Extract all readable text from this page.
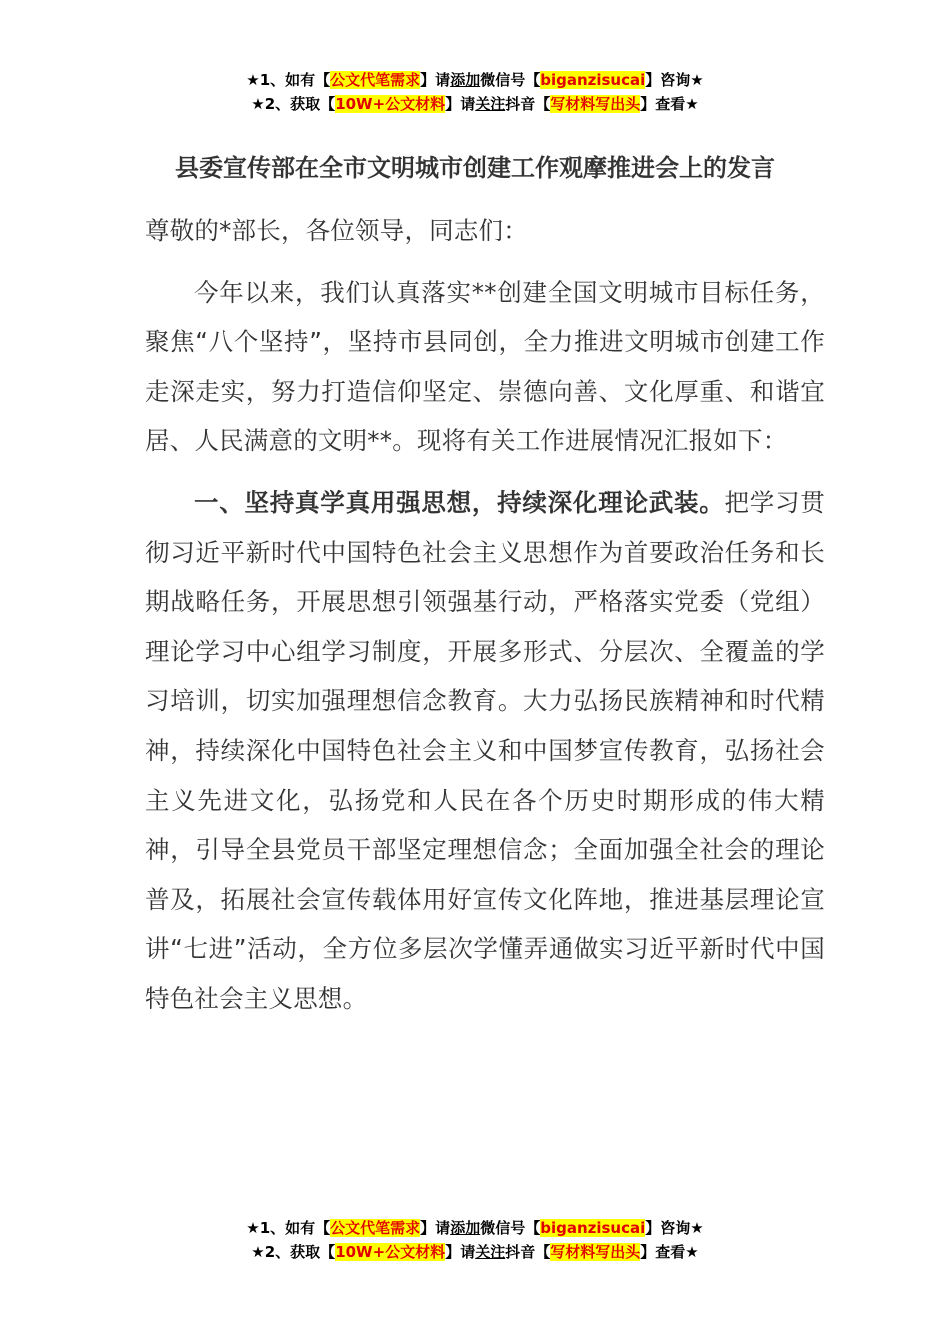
★1、如有【公文代笔需求】请添加微信号【biganzisucai】咨询★
★2、获取【10W+公文材料】请关注抖音【写材料写出头】查看★
县委宣传部在全市文明城市创建工作观摩推进会上的发言

尊敬的*部长，各位领导，同志们：

今年以来，我们认真落实**创建全国文明城市目标任务，聚焦“八个坚持”，坚持市县同创，全力推进文明城市创建工作走深走实，努力打造信仰坚定、崇德向善、文化厚重、和谐宜居、人民满意的文明**。现将有关工作进展情况汇报如下：

一、坚持真学真用强思想，持续深化理论武装。把学习贯彻习近平新时代中国特色社会主义思想作为首要政治任务和长期战略任务，开展思想引领强基行动，严格落实党委（党组）理论学习中心组学习制度，开展多形式、分层次、全覆盖的学习培训，切实加强理想信念教育。大力弘扬民族精神和时代精神，持续深化中国特色社会主义和中国梦宣传教育，弘扬社会主义先进文化，弘扬党和人民在各个历史时期形成的伟大精神，引导全县党员干部坚定理想信念；全面加强全社会的理论普及，拓展社会宣传载体用好宣传文化阵地，推进基层理论宣讲“七进”活动，全方位多层次学懂弄通做实习近平新时代中国特色社会主义思想。

★1、如有【公文代笔需求】请添加微信号【biganzisucai】咨询★
★2、获取【10W+公文材料】请关注抖音【写材料写出头】查看★
